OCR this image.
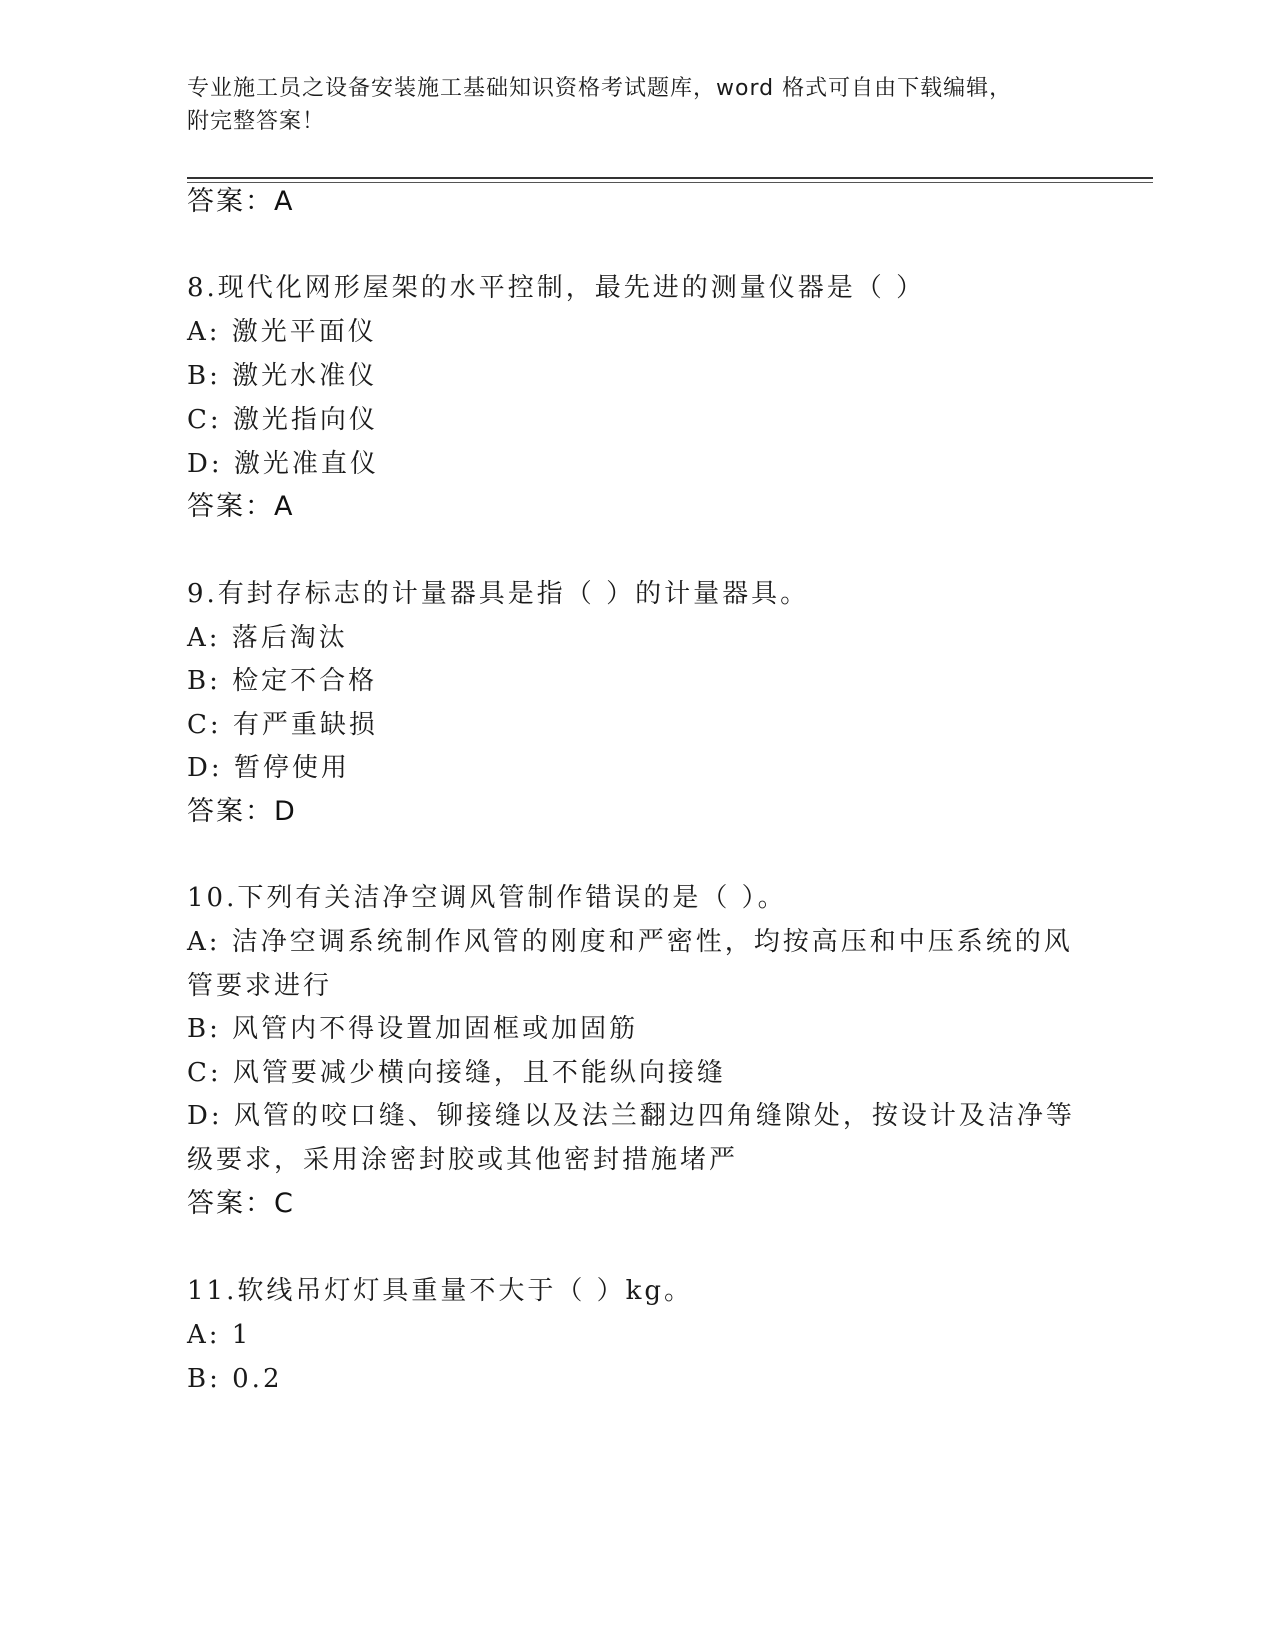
专业施工员之设备安装施工基础知识资格考试题库，word 格式可自由下载编辑，
附完整答案！
答案：A
8.现代化网形屋架的水平控制，最先进的测量仪器是（ ）
A: 激光平面仪
B: 激光水准仪
C: 激光指向仪
D: 激光准直仪
答案：A
9.有封存标志的计量器具是指（ ）的计量器具。
A: 落后淘汰
B: 检定不合格
C: 有严重缺损
D: 暂停使用
答案：D
10.下列有关洁净空调风管制作错误的是（ ）。
A: 洁净空调系统制作风管的刚度和严密性，均按高压和中压系统的风
管要求进行
B: 风管内不得设置加固框或加固筋
C: 风管要减少横向接缝，且不能纵向接缝
D: 风管的咬口缝、铆接缝以及法兰翻边四角缝隙处，按设计及洁净等
级要求，采用涂密封胶或其他密封措施堵严
答案：C
11.软线吊灯灯具重量不大于（ ）kg。
A: 1
B: 0.2
